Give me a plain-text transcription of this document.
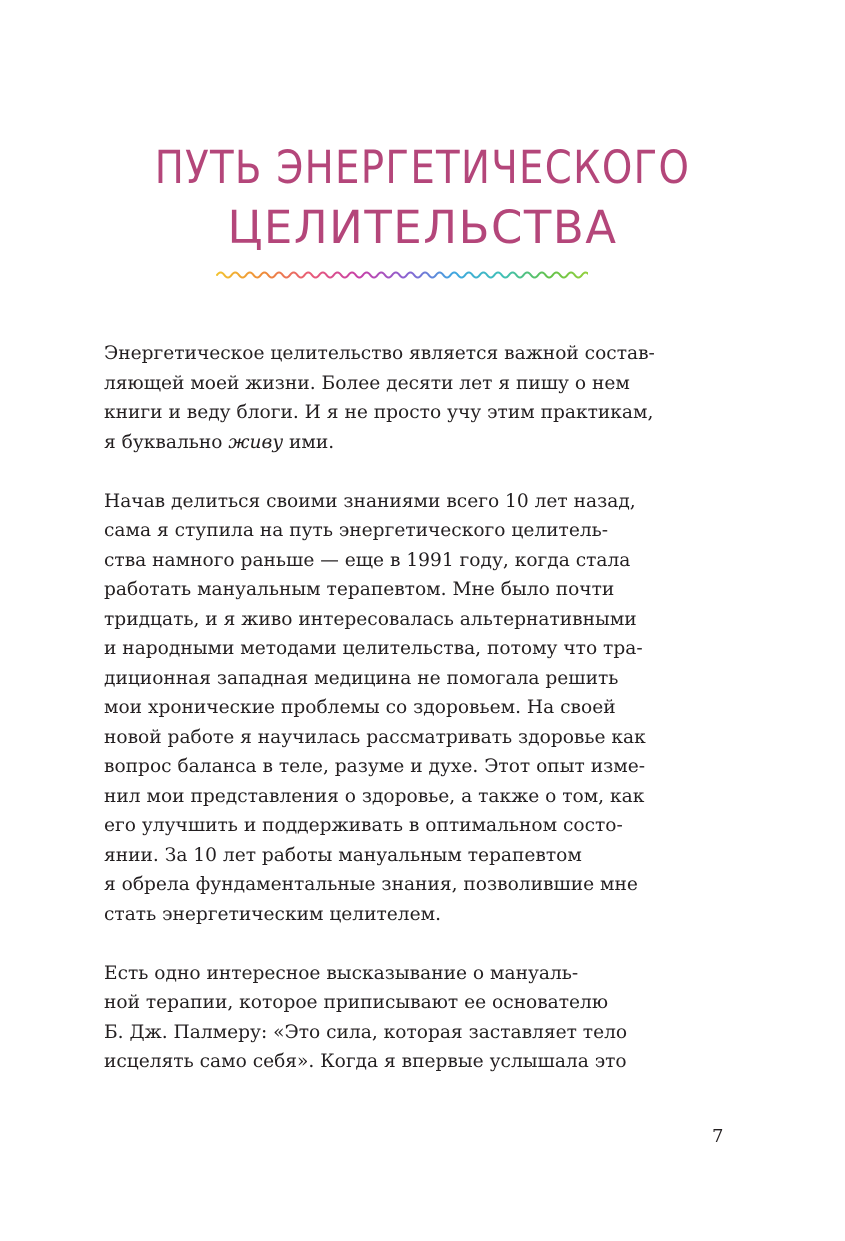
ПУТЬ ЭНЕРГЕТИЧЕСКОГО
ЦЕЛИТЕЛЬСТВА
Энергетическое целительство является важной состав-
ляющей моей жизни. Более десяти лет я пишу о нем
книги и веду блоги. И я не просто учу этим практикам,
я буквально живу ими.
Начав делиться своими знаниями всего 10 лет назад,
сама я ступила на путь энергетического целитель-
ства намного раньше — еще в 1991 году, когда стала
работать мануальным терапевтом. Мне было почти
тридцать, и я живо интересовалась альтернативными
и народными методами целительства, потому что тра-
диционная западная медицина не помогала решить
мои хронические проблемы со здоровьем. На своей
новой работе я научилась рассматривать здоровье как
вопрос баланса в теле, разуме и духе. Этот опыт изме-
нил мои представления о здоровье, а также о том, как
его улучшить и поддерживать в оптимальном состо-
янии. За 10 лет работы мануальным терапевтом
я обрела фундаментальные знания, позволившие мне
стать энергетическим целителем.
Есть одно интересное высказывание о мануаль-
ной терапии, которое приписывают ее основателю
Б. Дж. Палмеру: «Это сила, которая заставляет тело
исцелять само себя». Когда я впервые услышала это
7
